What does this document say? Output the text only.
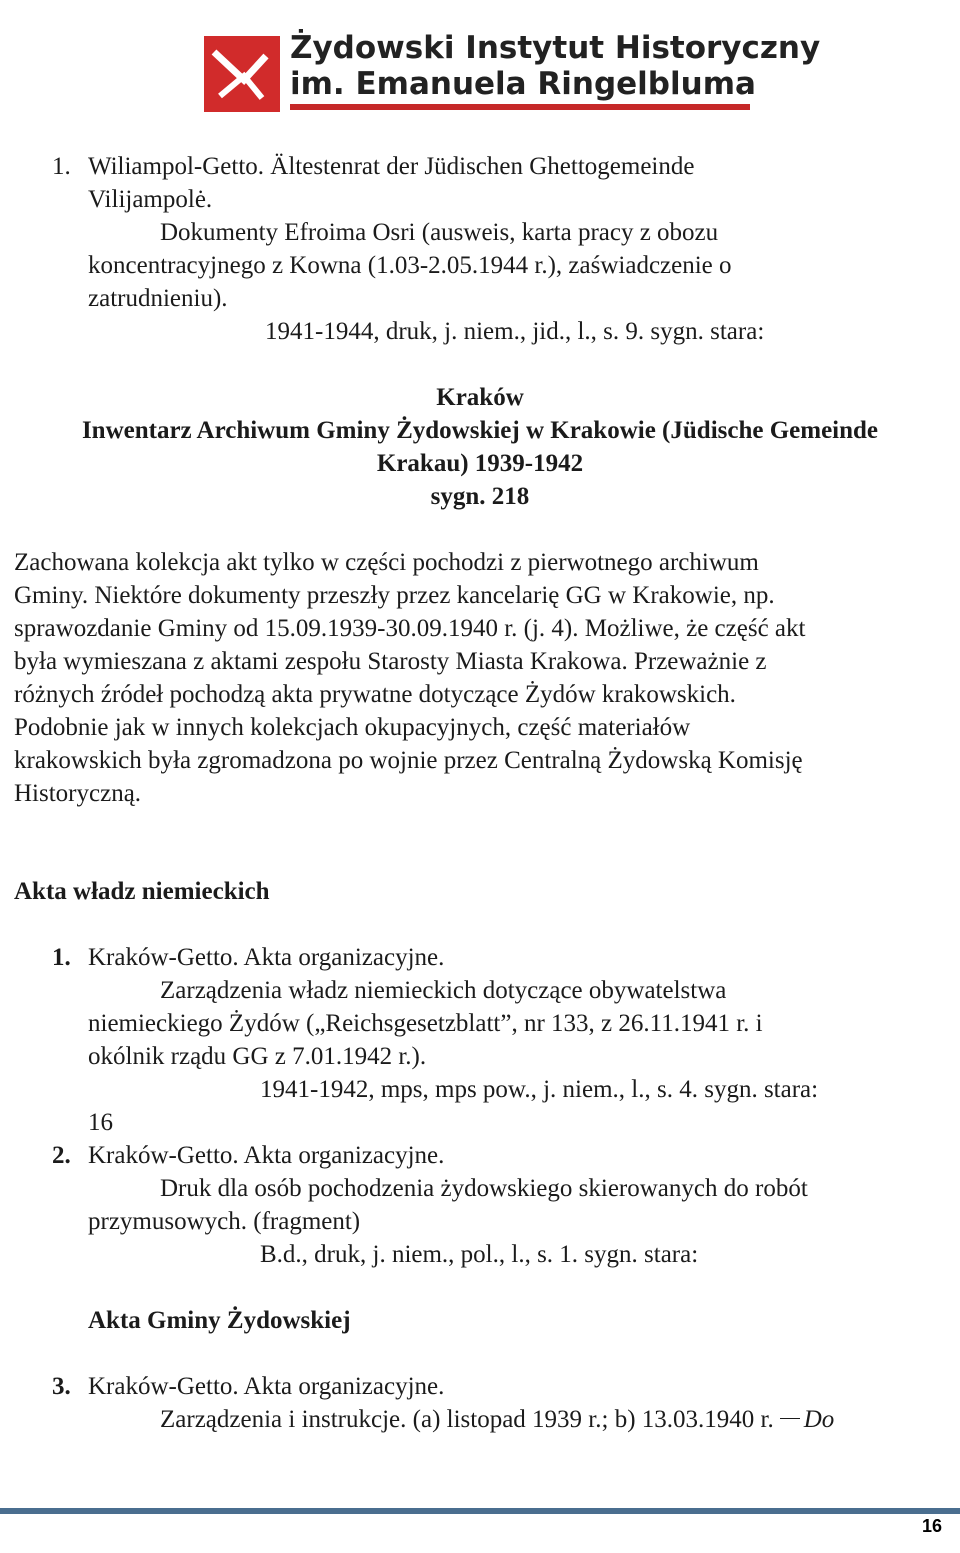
Żydowski Instytut Historyczny
im. Emanuela Ringelbluma
1. Wiliampol-Getto. Ältestenrat der Jüdischen Ghettogemeinde
Vilijampolė.
Dokumenty Efroima Osri (ausweis, karta pracy z obozu
koncentracyjnego z Kowna (1.03-2.05.1944 r.), zaświadczenie o
zatrudnieniu).
1941-1944, druk, j. niem., jid., l., s. 9. sygn. stara:
Kraków
Inwentarz Archiwum Gminy Żydowskiej w Krakowie (Jüdische Gemeinde
Krakau) 1939-1942
sygn. 218
Zachowana kolekcja akt tylko w części pochodzi z pierwotnego archiwum
Gminy. Niektóre dokumenty przeszły przez kancelarię GG w Krakowie, np.
sprawozdanie Gminy od 15.09.1939-30.09.1940 r. (j. 4). Możliwe, że część akt
była wymieszana z aktami zespołu Starosty Miasta Krakowa. Przeważnie z
różnych źródeł pochodzą akta prywatne dotyczące Żydów krakowskich.
Podobnie jak w innych kolekcjach okupacyjnych, część materiałów
krakowskich była zgromadzona po wojnie przez Centralną Żydowską Komisję
Historyczną.
Akta władz niemieckich
1. Kraków-Getto. Akta organizacyjne.
Zarządzenia władz niemieckich dotyczące obywatelstwa
niemieckiego Żydów („Reichsgesetzblatt”, nr 133, z 26.11.1941 r. i
okólnik rządu GG z 7.01.1942 r.).
1941-1942, mps, mps pow., j. niem., l., s. 4. sygn. stara:
16
2. Kraków-Getto. Akta organizacyjne.
Druk dla osób pochodzenia żydowskiego skierowanych do robót
przymusowych. (fragment)
B.d., druk, j. niem., pol., l., s. 1. sygn. stara:
Akta Gminy Żydowskiej
3. Kraków-Getto. Akta organizacyjne.
Zarządzenia i instrukcje. (a) listopad 1939 r.; b) 13.03.1940 r. Do
16
